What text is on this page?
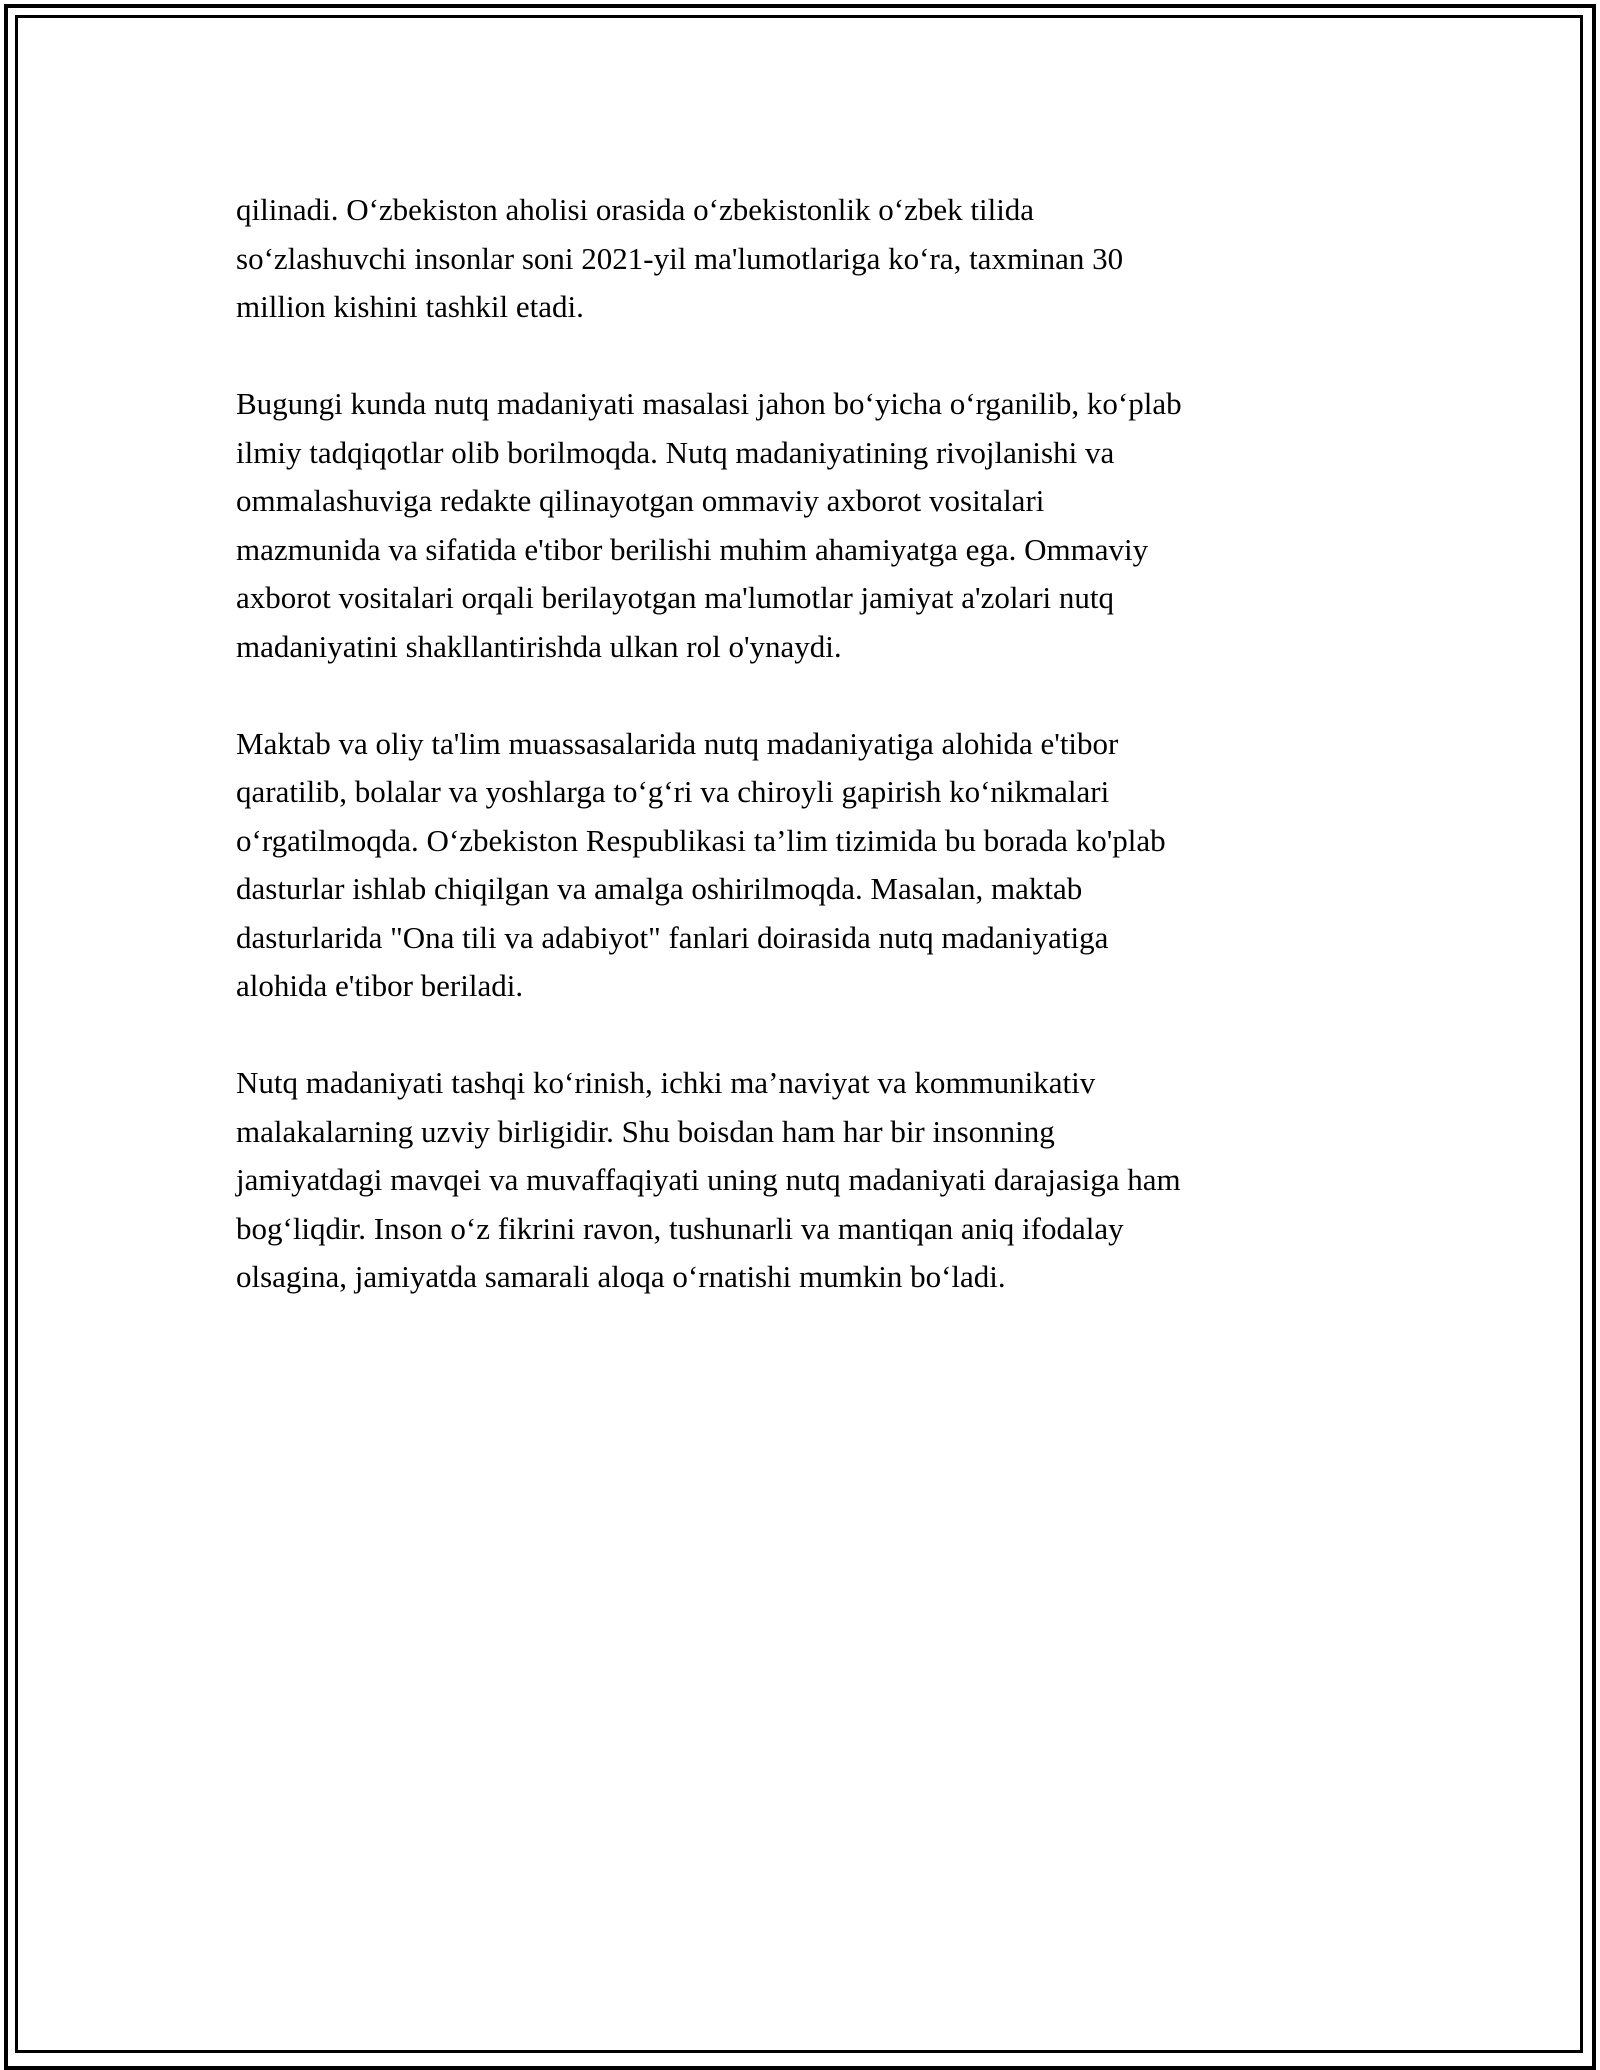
qilinadi. O‘zbekiston aholisi orasida o‘zbekistonlik o‘zbek tilida
so‘zlashuvchi insonlar soni 2021-yil ma'lumotlariga ko‘ra, taxminan 30
million kishini tashkil etadi.

Bugungi kunda nutq madaniyati masalasi jahon bo‘yicha o‘rganilib, ko‘plab
ilmiy tadqiqotlar olib borilmoqda. Nutq madaniyatining rivojlanishi va
ommalashuviga redakte qilinayotgan ommaviy axborot vositalari
mazmunida va sifatida e'tibor berilishi muhim ahamiyatga ega. Ommaviy
axborot vositalari orqali berilayotgan ma'lumotlar jamiyat a'zolari nutq
madaniyatini shakllantirishda ulkan rol o'ynaydi.

Maktab va oliy ta'lim muassasalarida nutq madaniyatiga alohida e'tibor
qaratilib, bolalar va yoshlarga to‘g‘ri va chiroyli gapirish ko‘nikmalari
o‘rgatilmoqda. O‘zbekiston Respublikasi ta’lim tizimida bu borada ko'plab
dasturlar ishlab chiqilgan va amalga oshirilmoqda. Masalan, maktab
dasturlarida "Ona tili va adabiyot" fanlari doirasida nutq madaniyatiga
alohida e'tibor beriladi.

Nutq madaniyati tashqi ko‘rinish, ichki ma’naviyat va kommunikativ
malakalarning uzviy birligidir. Shu boisdan ham har bir insonning
jamiyatdagi mavqei va muvaffaqiyati uning nutq madaniyati darajasiga ham
bog‘liqdir. Inson o‘z fikrini ravon, tushunarli va mantiqan aniq ifodalay
olsagina, jamiyatda samarali aloqa o‘rnatishi mumkin bo‘ladi.
